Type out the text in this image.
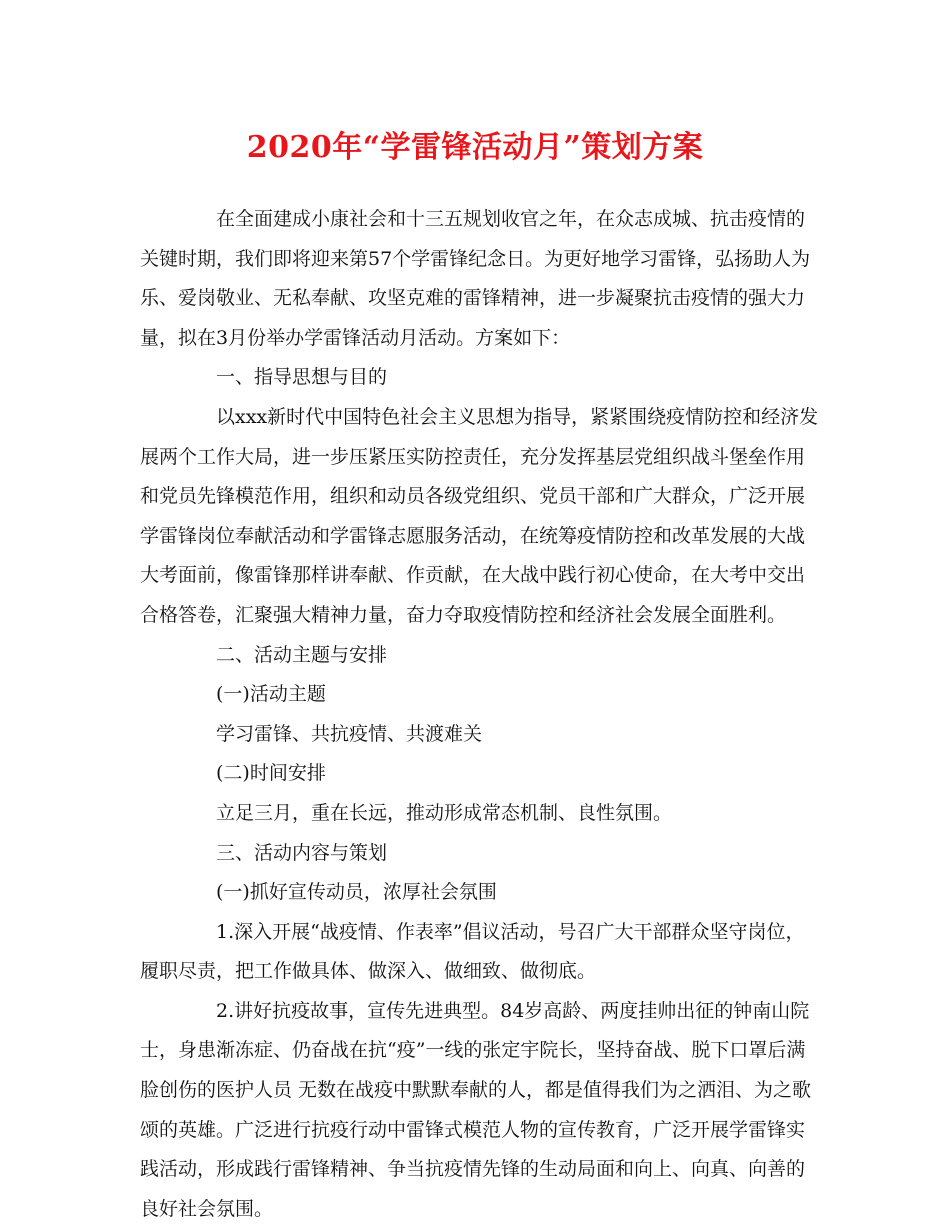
2020年“学雷锋活动月”策划方案

在全面建成小康社会和十三五规划收官之年，在众志成城、抗击疫情的关键时期，我们即将迎来第57个学雷锋纪念日。为更好地学习雷锋，弘扬助人为乐、爱岗敬业、无私奉献、攻坚克难的雷锋精神，进一步凝聚抗击疫情的强大力量，拟在3月份举办学雷锋活动月活动。方案如下：

一、指导思想与目的

以xxx新时代中国特色社会主义思想为指导，紧紧围绕疫情防控和经济发展两个工作大局，进一步压紧压实防控责任，充分发挥基层党组织战斗堡垒作用和党员先锋模范作用，组织和动员各级党组织、党员干部和广大群众，广泛开展学雷锋岗位奉献活动和学雷锋志愿服务活动，在统筹疫情防控和改革发展的大战大考面前，像雷锋那样讲奉献、作贡献，在大战中践行初心使命，在大考中交出合格答卷，汇聚强大精神力量，奋力夺取疫情防控和经济社会发展全面胜利。

二、活动主题与安排

(一)活动主题

学习雷锋、共抗疫情、共渡难关

(二)时间安排

立足三月，重在长远，推动形成常态机制、良性氛围。

三、活动内容与策划

(一)抓好宣传动员，浓厚社会氛围

1.深入开展“战疫情、作表率”倡议活动，号召广大干部群众坚守岗位，履职尽责，把工作做具体、做深入、做细致、做彻底。

2.讲好抗疫故事，宣传先进典型。84岁高龄、两度挂帅出征的钟南山院士，身患渐冻症、仍奋战在抗“疫”一线的张定宇院长，坚持奋战、脱下口罩后满脸创伤的医护人员 无数在战疫中默默奉献的人，都是值得我们为之洒泪、为之歌颂的英雄。广泛进行抗疫行动中雷锋式模范人物的宣传教育，广泛开展学雷锋实践活动，形成践行雷锋精神、争当抗疫情先锋的生动局面和向上、向真、向善的良好社会氛围。
